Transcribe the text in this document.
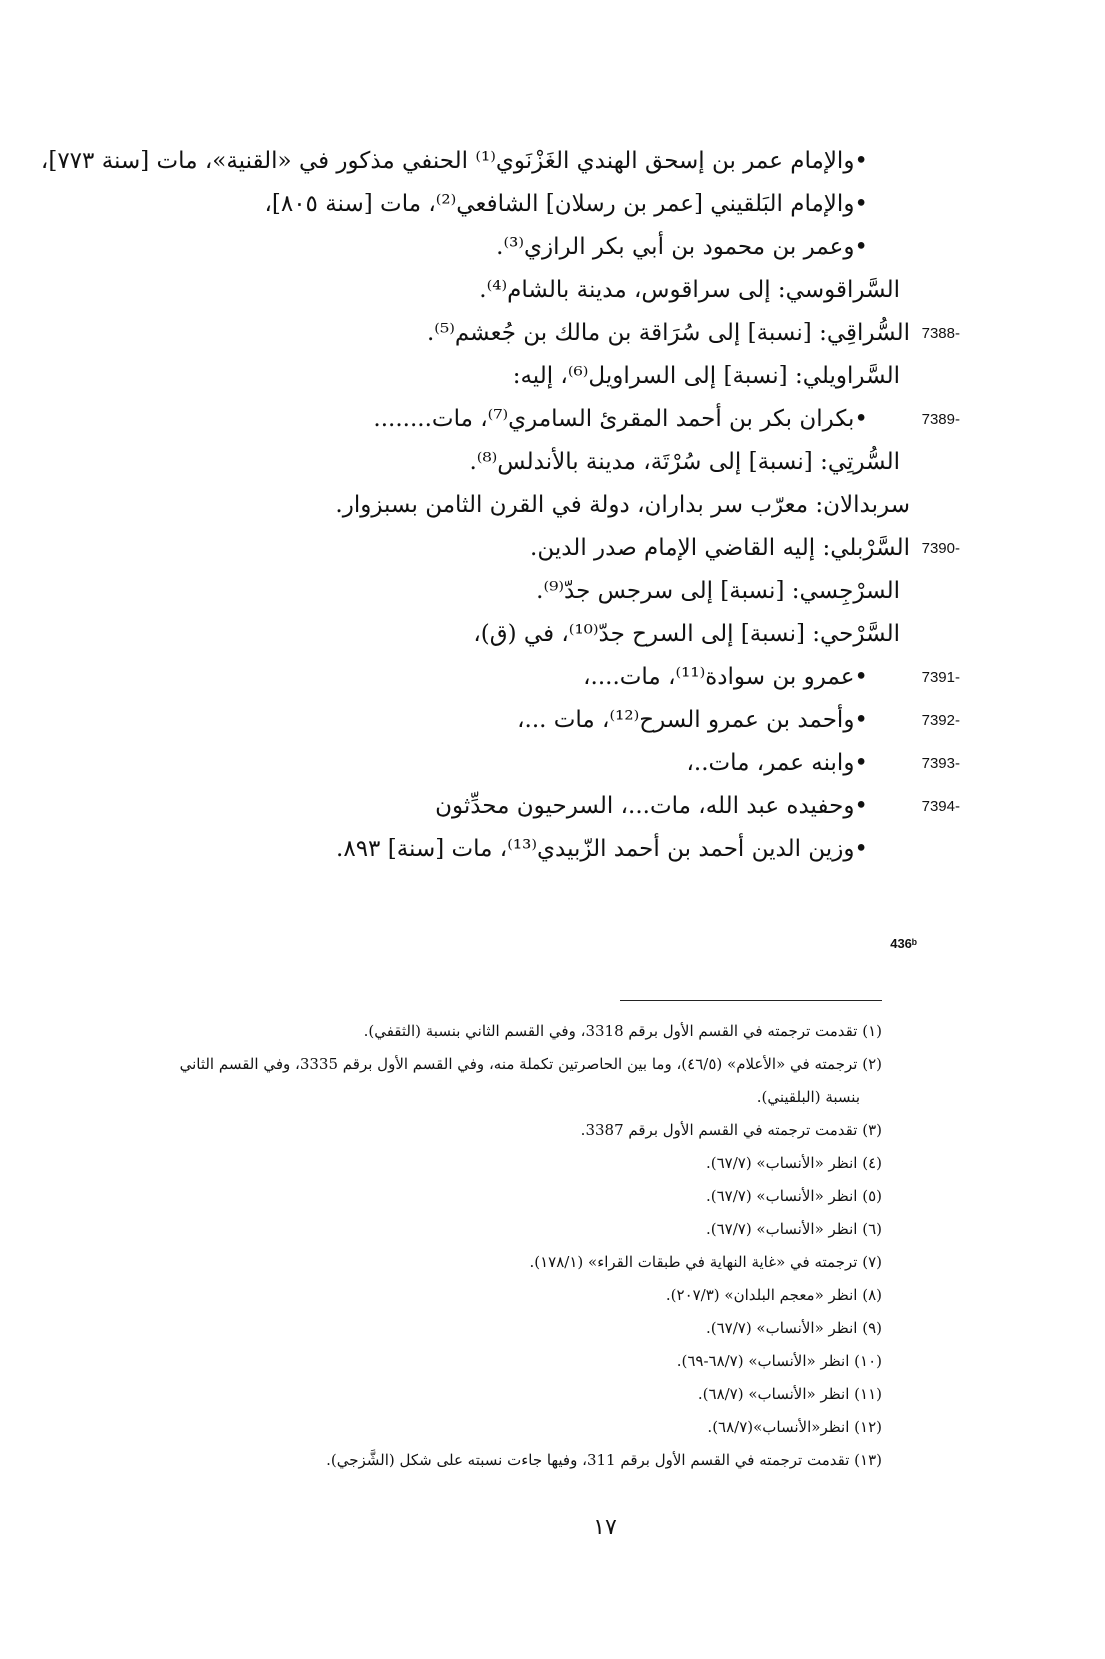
•والإمام عمر بن إسحق الهندي الغَزْنَوي⁽¹⁾ الحنفي مذكور في «القنية»، مات [سنة ٧٧٣]،
•والإمام البَلقيني [عمر بن رسلان] الشافعي⁽²⁾، مات [سنة ٨٠٥]،
•وعمر بن محمود بن أبي بكر الرازي⁽³⁾.
السَّراقوسي: إلى سراقوس، مدينة بالشام⁽⁴⁾.
7388-
السُّراقِي: [نسبة] إلى سُرَاقة بن مالك بن جُعشم⁽⁵⁾.
السَّراويلي: [نسبة] إلى السراويل⁽⁶⁾، إليه:
7389-
•بكران بكر بن أحمد المقرئ السامري⁽⁷⁾، مات........
السُّرتِي: [نسبة] إلى سُرْتَة، مدينة بالأندلس⁽⁸⁾.
سربدالان: معرّب سر بداران، دولة في القرن الثامن بسبزوار.
7390-
السَّرْبلي: إليه القاضي الإمام صدر الدين.
السرْجِسي: [نسبة] إلى سرجس جدّ⁽⁹⁾.
السَّرْحي: [نسبة] إلى السرح جدّ⁽¹⁰⁾، في (ق)،
7391-
•عمرو بن سوادة⁽¹¹⁾، مات....،
7392-
•وأحمد بن عمرو السرح⁽¹²⁾، مات ...،
7393-
•وابنه عمر، مات..،
7394-
•وحفيده عبد الله، مات...، السرحيون محدِّثون
•وزين الدين أحمد بن أحمد الزّبيدي⁽¹³⁾، مات [سنة] ٨٩٣.
436ᵇ
(١) تقدمت ترجمته في القسم الأول برقم 3318، وفي القسم الثاني بنسبة (الثقفي).
(٢) ترجمته في «الأعلام» (٤٦/٥)، وما بين الحاصرتين تكملة منه، وفي القسم الأول برقم 3335، وفي القسم الثاني
بنسبة (البلقيني).
(٣) تقدمت ترجمته في القسم الأول برقم 3387.
(٤) انظر «الأنساب» (٦٧/٧).
(٥) انظر «الأنساب» (٦٧/٧).
(٦) انظر «الأنساب» (٦٧/٧).
(٧) ترجمته في «غاية النهاية في طبقات القراء» (١٧٨/١).
(٨) انظر «معجم البلدان» (٢٠٧/٣).
(٩) انظر «الأنساب» (٦٧/٧).
(١٠) انظر «الأنساب» (٦٨/٧-٦٩).
(١١) انظر «الأنساب» (٦٨/٧).
(١٢) انظر«الأنساب»(٦٨/٧).
(١٣) تقدمت ترجمته في القسم الأول برقم 311، وفيها جاءت نسبته على شكل (الشَّزجي).
١٧
